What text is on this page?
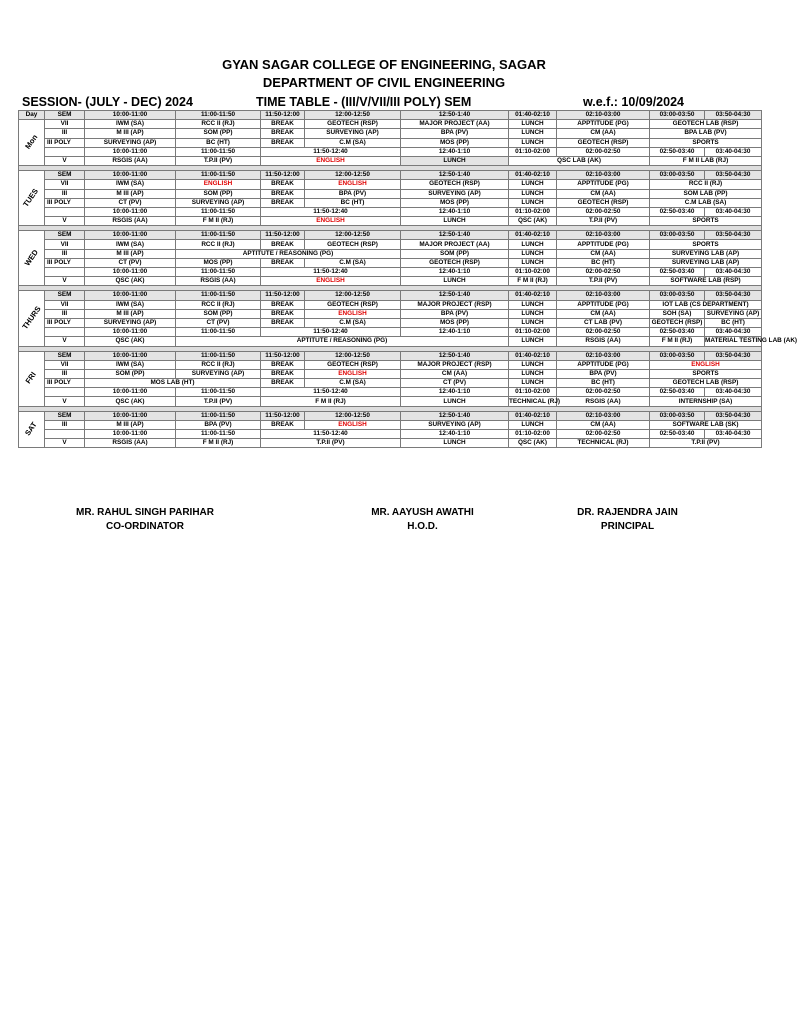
GYAN SAGAR COLLEGE OF ENGINEERING, SAGAR
DEPARTMENT OF CIVIL ENGINEERING
SESSION- (JULY - DEC) 2024	TIME TABLE - (III/V/VII/III POLY) SEM	w.e.f.: 10/09/2024
Day	SEM	10:00-11:00	11:00-11:50	11:50-12:00	12:00-12:50	12:50-1:40	01:40-02:10	02:10-03:00	03:00-03:50	03:50-04:30
Mon	VII	IWM (SA)	RCC II (RJ)	BREAK	GEOTECH (RSP)	MAJOR PROJECT (AA)	LUNCH	APPTITUDE (PG)	GEOTECH LAB (RSP)	
	III	M III (AP)	SOM (PP)	BREAK	SURVEYING (AP)	BPA (PV)	LUNCH	CM (AA)	BPA LAB (PV)	
	III POLY	SURVEYING (AP)	BC (HT)	BREAK	C.M (SA)	MOS (PP)	LUNCH	GEOTECH (RSP)	SPORTS	
		10:00-11:00	11:00-11:50	11:50-12:40		12:40-1:10	01:10-02:00	02:00-02:50	02:50-03:40	03:40-04:30
	V	RSGIS (AA)	T.P.II (PV)	ENGLISH		LUNCH	QSC LAB (AK)		F M II LAB (RJ)	

TUES	SEM	10:00-11:00	11:00-11:50	11:50-12:00	12:00-12:50	12:50-1:40	01:40-02:10	02:10-03:00	03:00-03:50	03:50-04:30
	VII	IWM (SA)	ENGLISH	BREAK	ENGLISH	GEOTECH (RSP)	LUNCH	APPTITUDE (PG)	RCC II (RJ)	
	III	M III (AP)	SOM (PP)	BREAK	BPA (PV)	SURVEYING (AP)	LUNCH	CM (AA)	SOM LAB (PP)	
	III POLY	CT (PV)	SURVEYING (AP)	BREAK	BC (HT)	MOS (PP)	LUNCH	GEOTECH (RSP)	C.M LAB (SA)	
		10:00-11:00	11:00-11:50	11:50-12:40		12:40-1:10	01:10-02:00	02:00-02:50	02:50-03:40	03:40-04:30
	V	RSGIS (AA)	F M II (RJ)	ENGLISH		LUNCH	QSC (AK)	T.P.II (PV)	SPORTS	

WED	SEM	10:00-11:00	11:00-11:50	11:50-12:00	12:00-12:50	12:50-1:40	01:40-02:10	02:10-03:00	03:00-03:50	03:50-04:30
	VII	IWM (SA)	RCC II (RJ)	BREAK	GEOTECH (RSP)	MAJOR PROJECT (AA)	LUNCH	APPTITUDE (PG)	SPORTS	
	III	M III (AP)	APTITUTE / REASONING (PG)			SOM (PP)	LUNCH	CM (AA)	SURVEYING LAB (AP)	
	III POLY	CT (PV)	MOS (PP)	BREAK	C.M (SA)	GEOTECH (RSP)	LUNCH	BC (HT)	SURVEYING LAB (AP)	
		10:00-11:00	11:00-11:50	11:50-12:40		12:40-1:10	01:10-02:00	02:00-02:50	02:50-03:40	03:40-04:30
	V	QSC (AK)	RSGIS (AA)	ENGLISH		LUNCH	F M II (RJ)	T.P.II (PV)	SOFTWARE LAB (RSP)	

THURS	SEM	10:00-11:00	11:00-11:50	11:50-12:00	12:00-12:50	12:50-1:40	01:40-02:10	02:10-03:00	03:00-03:50	03:50-04:30
	VII	IWM (SA)	RCC II (RJ)	BREAK	GEOTECH (RSP)	MAJOR PROJECT (RSP)	LUNCH	APPTITUDE (PG)	IOT LAB (CS DEPARTMENT)	
	III	M III (AP)	SOM (PP)	BREAK	ENGLISH	BPA (PV)	LUNCH	CM (AA)	SOH (SA)	SURVEYING (AP)
	III POLY	SURVEYING (AP)	CT (PV)	BREAK	C.M (SA)	MOS (PP)	LUNCH	CT LAB (PV)	GEOTECH (RSP)	BC (HT)
		10:00-11:00	11:00-11:50	11:50-12:40		12:40-1:10	01:10-02:00	02:00-02:50	02:50-03:40	03:40-04:30
	V	QSC (AK)	APTITUTE / REASONING (PG)				LUNCH	RSGIS (AA)	F M II (RJ)	MATERIAL TESTING LAB (AK)

FRI	SEM	10:00-11:00	11:00-11:50	11:50-12:00	12:00-12:50	12:50-1:40	01:40-02:10	02:10-03:00	03:00-03:50	03:50-04:30
	VII	IWM (SA)	RCC II (RJ)	BREAK	GEOTECH (RSP)	MAJOR PROJECT (RSP)	LUNCH	APPTITUDE (PG)	ENGLISH	
	III	SOM (PP)	SURVEYING (AP)	BREAK	ENGLISH	CM (AA)	LUNCH	BPA (PV)	SPORTS	
	III POLY	MOS LAB (HT)		BREAK	C.M (SA)	CT (PV)	LUNCH	BC (HT)	GEOTECH LAB (RSP)	
		10:00-11:00	11:00-11:50	11:50-12:40		12:40-1:10	01:10-02:00	02:00-02:50	02:50-03:40	03:40-04:30
	V	QSC (AK)	T.P.II (PV)	F M II (RJ)		LUNCH	TECHNICAL (RJ)	RSGIS (AA)	INTERNSHIP (SA)	

SAT	SEM	10:00-11:00	11:00-11:50	11:50-12:00	12:00-12:50	12:50-1:40	01:40-02:10	02:10-03:00	03:00-03:50	03:50-04:30
	III	M III (AP)	BPA (PV)	BREAK	ENGLISH	SURVEYING (AP)	LUNCH	CM (AA)	SOFTWARE LAB (SK)	
		10:00-11:00	11:00-11:50	11:50-12:40		12:40-1:10	01:10-02:00	02:00-02:50	02:50-03:40	03:40-04:30
	V	RSGIS (AA)	F M II (RJ)	T.P.II (PV)		LUNCH	QSC (AK)	TECHNICAL (RJ)	T.P.II (PV)	
MR. RAHUL SINGH PARIHAR
CO-ORDINATOR
MR. AAYUSH AWATHI
H.O.D.
DR. RAJENDRA JAIN
PRINCIPAL
